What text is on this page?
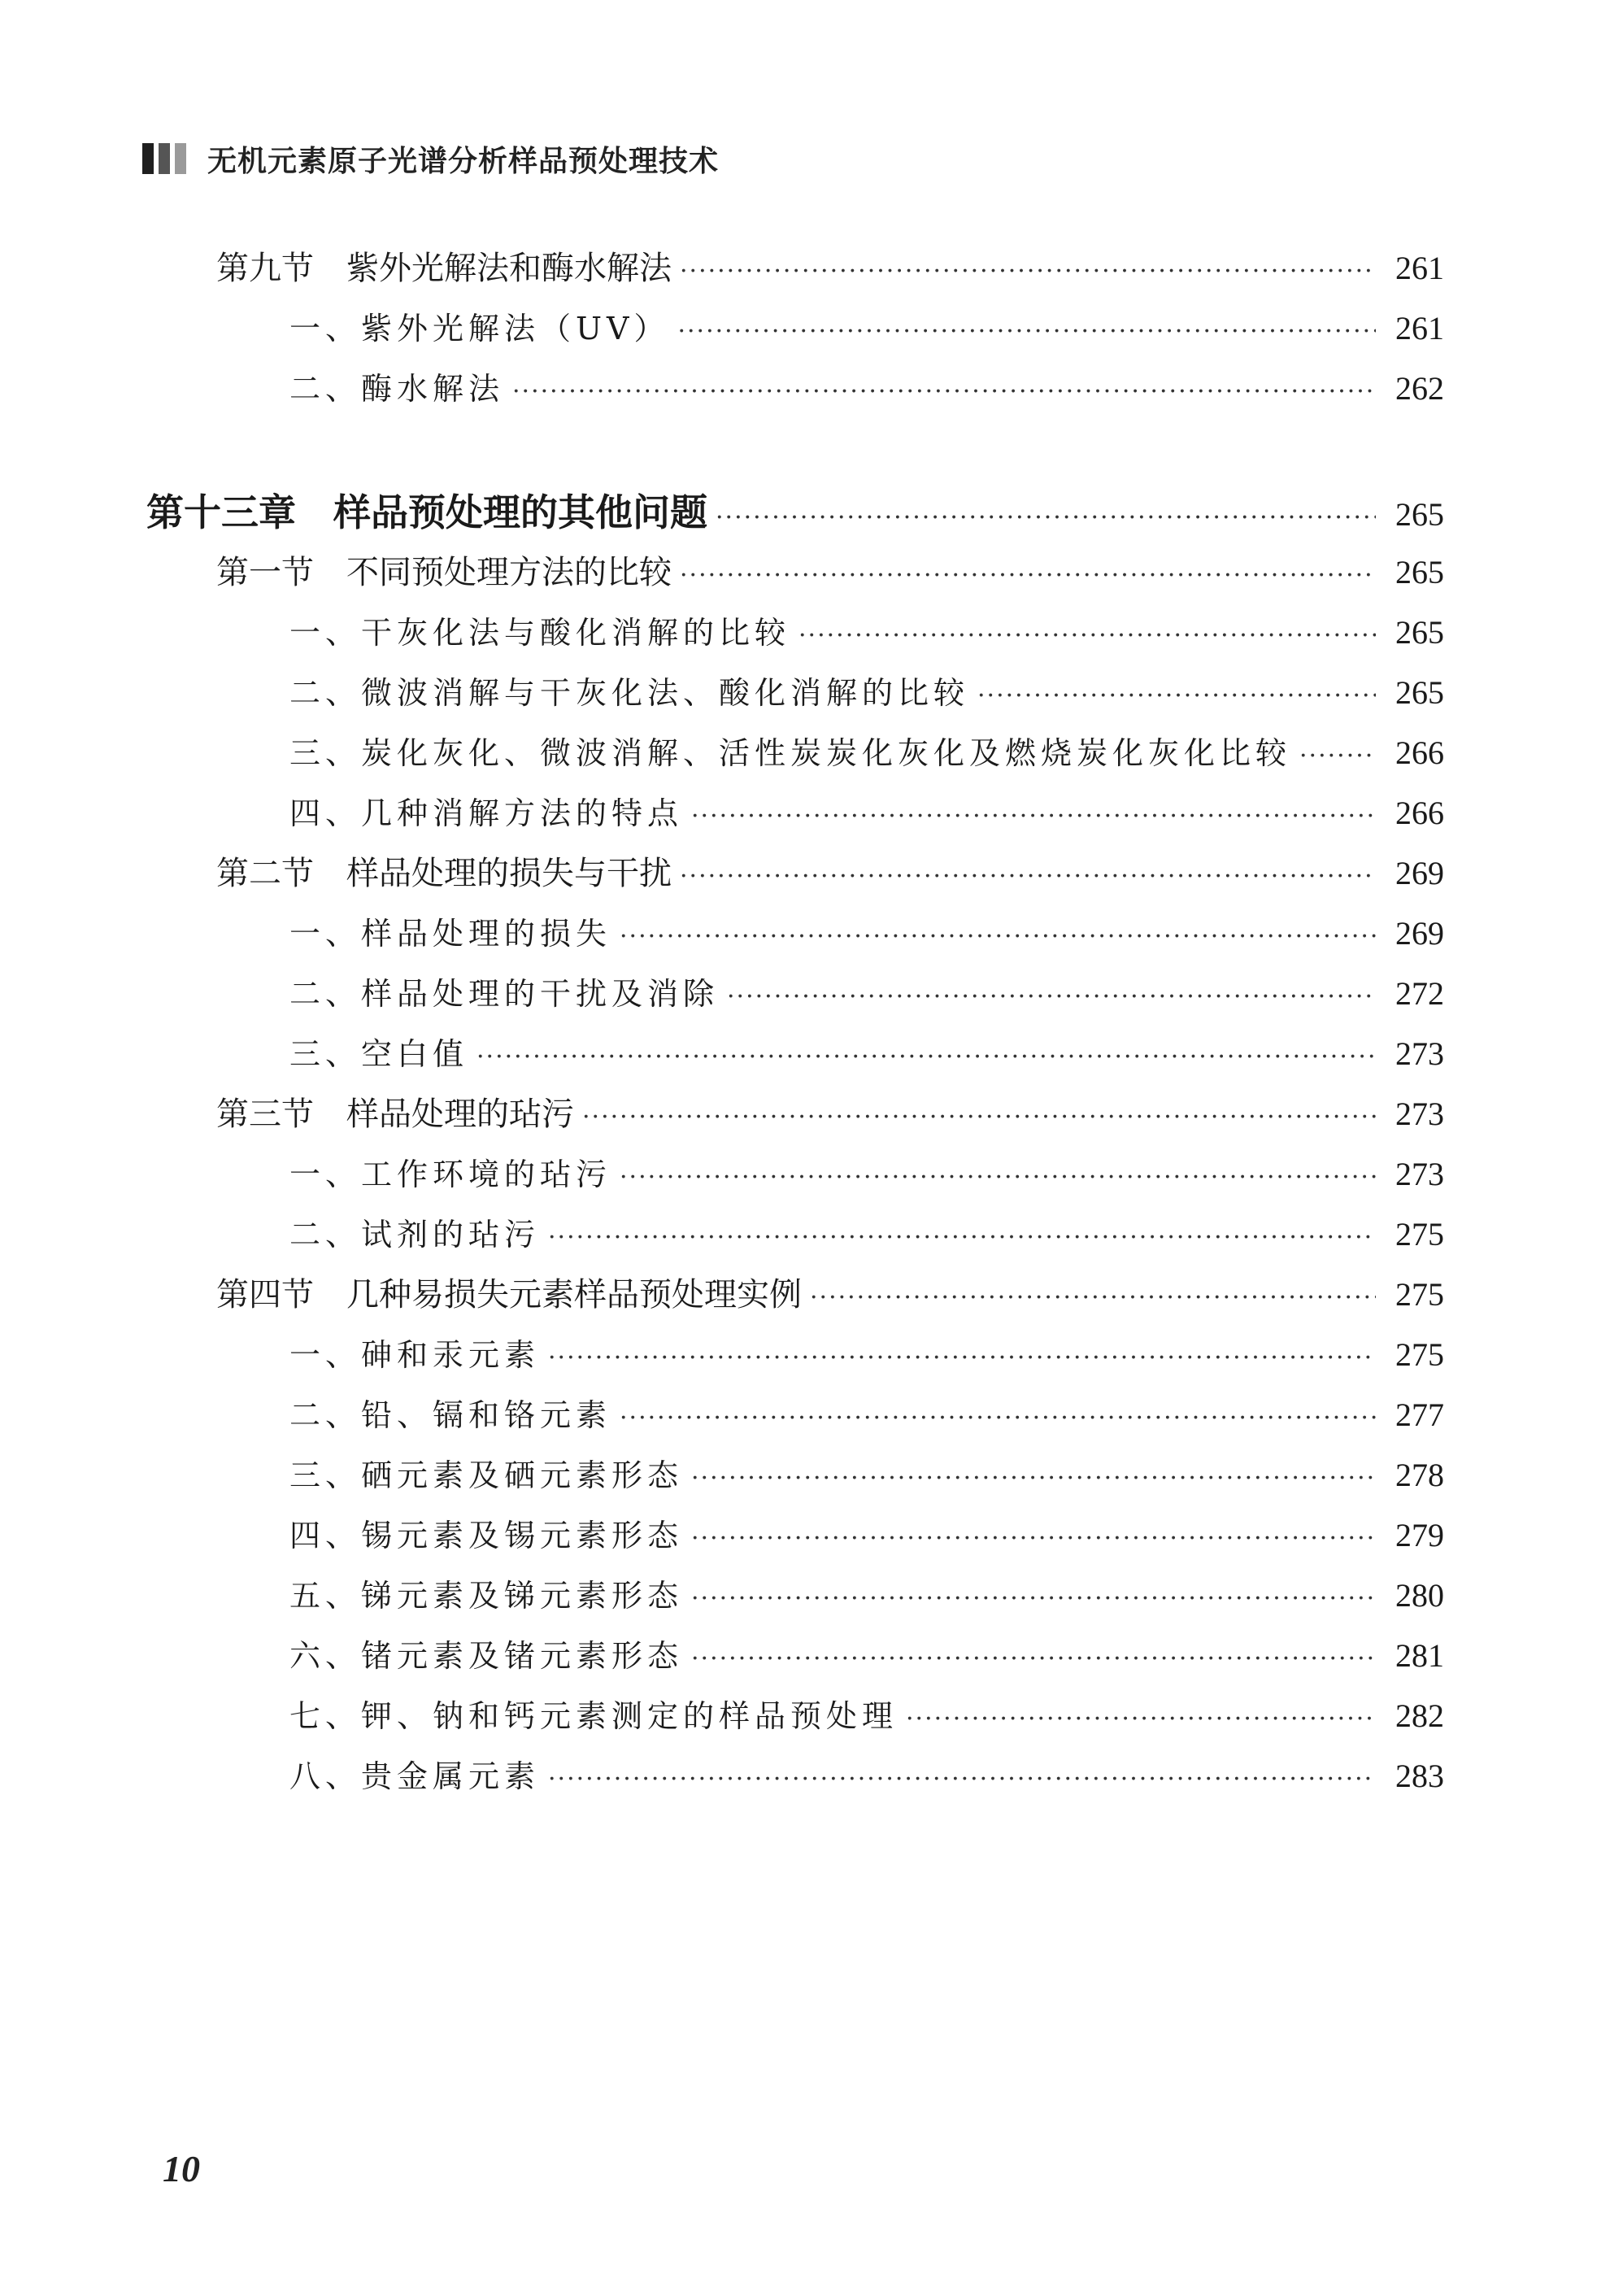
无机元素原子光谱分析样品预处理技术
第九节　紫外光解法和酶水解法 ·····	261
一、紫外光解法（UV） ·····	261
二、酶水解法 ·····	262
第十三章　样品预处理的其他问题 ·····	265
第一节　不同预处理方法的比较 ·····	265
一、干灰化法与酸化消解的比较 ·····	265
二、微波消解与干灰化法、酸化消解的比较 ·····	265
三、炭化灰化、微波消解、活性炭炭化灰化及燃烧炭化灰化比较 ·····	266
四、几种消解方法的特点 ·····	266
第二节　样品处理的损失与干扰 ·····	269
一、样品处理的损失 ·····	269
二、样品处理的干扰及消除 ·····	272
三、空白值 ·····	273
第三节　样品处理的玷污 ·····	273
一、工作环境的玷污 ·····	273
二、试剂的玷污 ·····	275
第四节　几种易损失元素样品预处理实例 ·····	275
一、砷和汞元素 ·····	275
二、铅、镉和铬元素 ·····	277
三、硒元素及硒元素形态 ·····	278
四、锡元素及锡元素形态 ·····	279
五、锑元素及锑元素形态 ·····	280
六、锗元素及锗元素形态 ·····	281
七、钾、钠和钙元素测定的样品预处理 ·····	282
八、贵金属元素 ·····	283
10
